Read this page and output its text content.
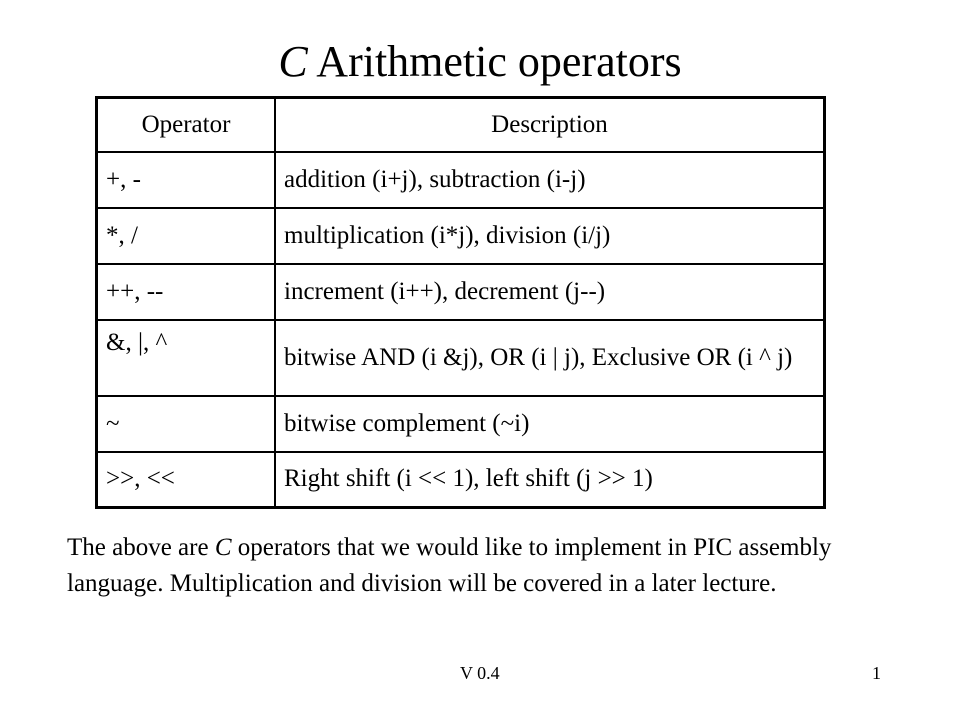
C Arithmetic operators
Operator	Description
+, -	addition (i+j), subtraction (i-j)
*, /	multiplication (i*j), division (i/j)
++, --	increment (i++), decrement (j--)
&, |, ^	bitwise AND (i &j), OR (i | j), Exclusive OR (i ^ j)
~	bitwise complement (~i)
>>, <<	Right shift (i << 1), left shift (j >> 1)
The above are C operators that we would like to implement in PIC assembly language. Multiplication and division will be covered in a later lecture.
V 0.4	1
